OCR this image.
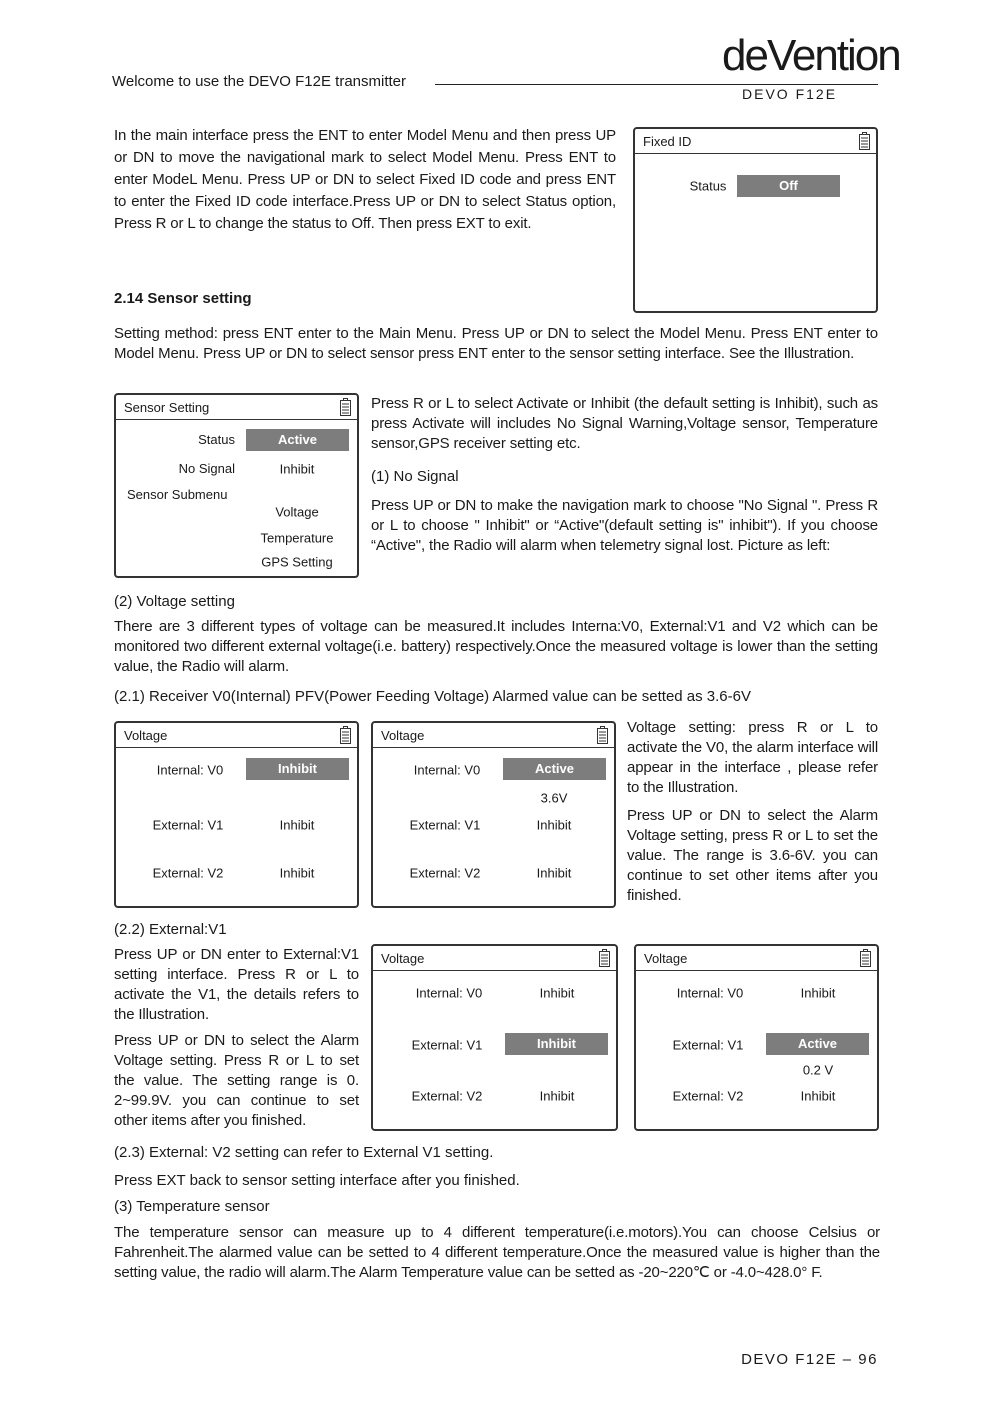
Welcome to use the DEVO F12E transmitter
deVention
DEVO F12E
In the main interface press the ENT to enter Model Menu and then press UP or DN to move the navigational mark to select Model Menu. Press ENT to enter ModeL Menu. Press UP or DN to select Fixed ID code and press ENT to enter the Fixed ID code interface.Press UP or DN to select Status option, Press R or L to change the status to Off. Then press EXT to exit.
Fixed ID
Status	Off
2.14 Sensor setting
Setting method: press ENT enter to the Main Menu. Press UP or DN to select the Model Menu. Press ENT enter to Model Menu. Press UP or DN to select sensor press ENT enter to the sensor setting interface. See the Illustration.
Sensor Setting
Status	Active
No Signal	Inhibit
Sensor Submenu
Voltage
Temperature
GPS Setting
Press R or L to select Activate or Inhibit (the default setting is Inhibit), such as press Activate will includes No Signal Warning,Voltage sensor, Temperature sensor,GPS receiver setting etc.
(1) No Signal
Press UP or DN to make the navigation mark to choose "No Signal ". Press R or L to choose " Inhibit" or “Active"(default setting is" inhibit"). If you choose “Active", the Radio will alarm when telemetry signal lost. Picture as left:
(2) Voltage setting
There are 3 different types of voltage can be measured.It includes Interna:V0, External:V1 and V2 which can be monitored two different external voltage(i.e. battery) respectively.Once the measured voltage is lower than the setting value, the Radio will alarm.
(2.1) Receiver V0(Internal) PFV(Power Feeding Voltage) Alarmed value can be setted as 3.6-6V
Voltage
Internal: V0	Inhibit
External: V1	Inhibit
External: V2	Inhibit
Voltage
Internal: V0	Active
3.6V
External: V1	Inhibit
External: V2	Inhibit
Voltage setting: press R or L to activate the V0, the alarm interface will appear in the interface , please refer to the Illustration.
Press UP or DN to select the Alarm Voltage setting, press R or L to set the value. The range is 3.6-6V. you can continue to set other items after you finished.
(2.2) External:V1
Press UP or DN enter to External:V1 setting interface. Press R or L to activate the V1, the details refers to the Illustration.
Press UP or DN to select the Alarm Voltage setting. Press R or L to set the value. The setting range is 0. 2~99.9V. you can continue to set other items after you finished.
Voltage
Internal: V0	Inhibit
External: V1	Inhibit
External: V2	Inhibit
Voltage
Internal: V0	Inhibit
External: V1	Active
0.2 V
External: V2	Inhibit
(2.3) External: V2 setting can refer to External V1 setting.
Press EXT back to sensor setting interface after you finished.
(3) Temperature sensor
The temperature sensor can measure up to 4 different temperature(i.e.motors).You can choose Celsius or Fahrenheit.The alarmed value can be setted to 4 different temperature.Once the measured value is higher than the setting value, the radio will alarm.The Alarm Temperature value can be setted as -20~220℃ or -4.0~428.0° F.
DEVO F12E – 96
